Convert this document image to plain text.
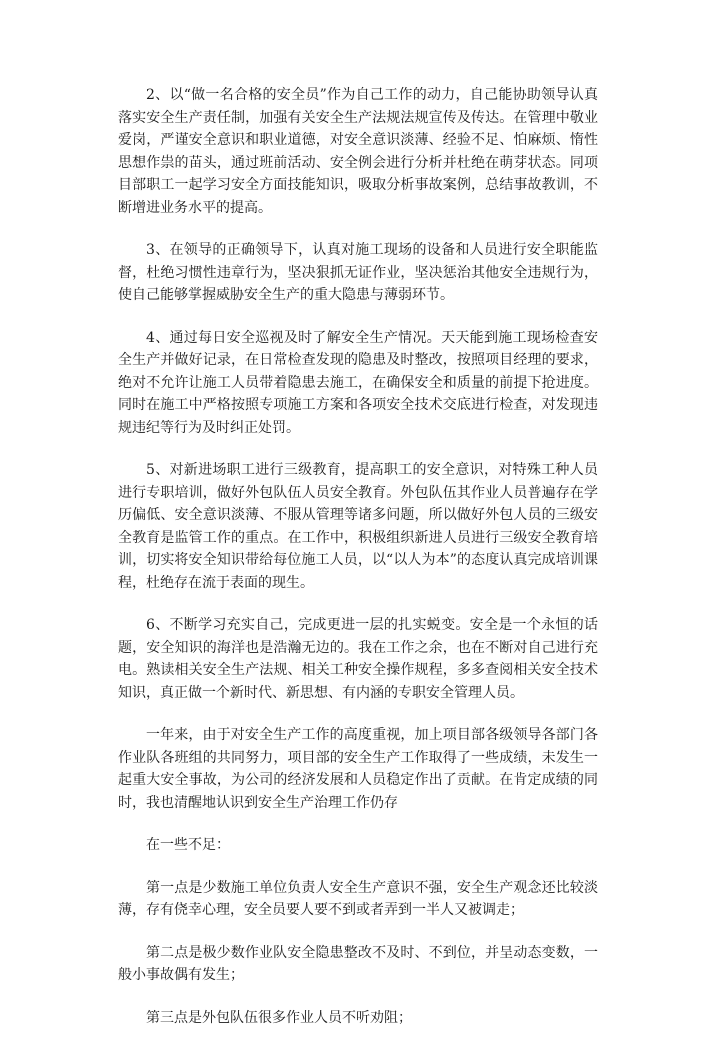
2、以“做一名合格的安全员”作为自己工作的动力，自己能协助领导认真落实安全生产责任制，加强有关安全生产法规法规宣传及传达。在管理中敬业爱岗，严谨安全意识和职业道德，对安全意识淡薄、经验不足、怕麻烦、惰性思想作祟的苗头，通过班前活动、安全例会进行分析并杜绝在萌芽状态。同项目部职工一起学习安全方面技能知识，吸取分析事故案例，总结事故教训，不断增进业务水平的提高。

3、在领导的正确领导下，认真对施工现场的设备和人员进行安全职能监督，杜绝习惯性违章行为，坚决狠抓无证作业，坚决惩治其他安全违规行为，使自己能够掌握威胁安全生产的重大隐患与薄弱环节。

4、通过每日安全巡视及时了解安全生产情况。天天能到施工现场检查安全生产并做好记录，在日常检查发现的隐患及时整改，按照项目经理的要求，绝对不允许让施工人员带着隐患去施工，在确保安全和质量的前提下抢进度。同时在施工中严格按照专项施工方案和各项安全技术交底进行检查，对发现违规违纪等行为及时纠正处罚。

5、对新进场职工进行三级教育，提高职工的安全意识，对特殊工种人员进行专职培训，做好外包队伍人员安全教育。外包队伍其作业人员普遍存在学历偏低、安全意识淡薄、不服从管理等诸多问题，所以做好外包人员的三级安全教育是监管工作的重点。在工作中，积极组织新进人员进行三级安全教育培训，切实将安全知识带给每位施工人员，以“以人为本”的态度认真完成培训课程，杜绝存在流于表面的现生。

6、不断学习充实自己，完成更进一层的扎实蜕变。安全是一个永恒的话题，安全知识的海洋也是浩瀚无边的。我在工作之余，也在不断对自己进行充电。熟读相关安全生产法规、相关工种安全操作规程，多多查阅相关安全技术知识，真正做一个新时代、新思想、有内涵的专职安全管理人员。

一年来，由于对安全生产工作的高度重视，加上项目部各级领导各部门各作业队各班组的共同努力，项目部的安全生产工作取得了一些成绩，未发生一起重大安全事故，为公司的经济发展和人员稳定作出了贡献。在肯定成绩的同时，我也清醒地认识到安全生产治理工作仍存

在一些不足：

第一点是少数施工单位负责人安全生产意识不强，安全生产观念还比较淡薄，存有侥幸心理，安全员要人要不到或者弄到一半人又被调走；

第二点是极少数作业队安全隐患整改不及时、不到位，并呈动态变数，一般小事故偶有发生；

第三点是外包队伍很多作业人员不听劝阻；
